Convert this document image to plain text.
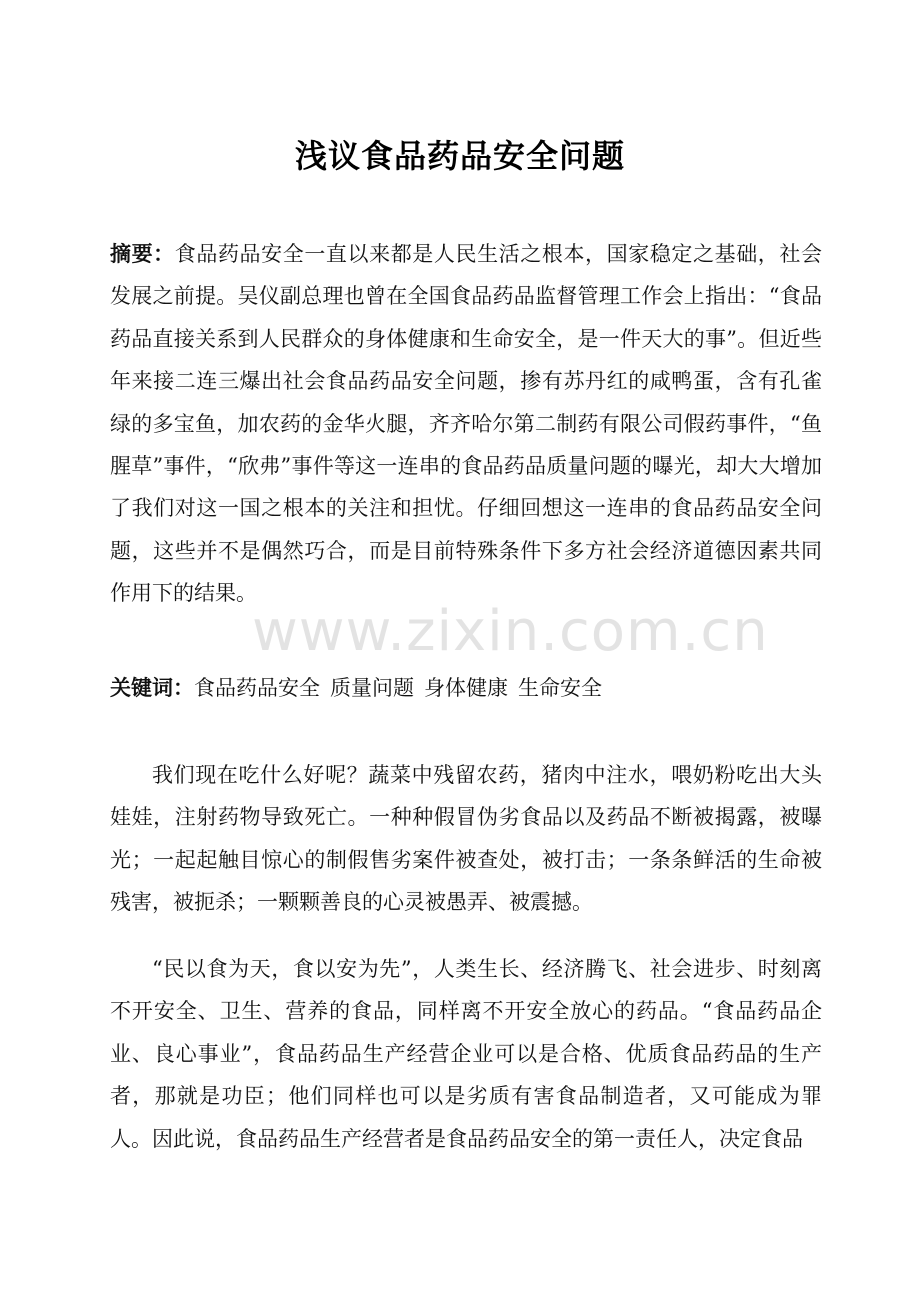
浅议食品药品安全问题
摘要：食品药品安全一直以来都是人民生活之根本，国家稳定之基础，社会发展之前提。吴仪副总理也曾在全国食品药品监督管理工作会上指出：“食品药品直接关系到人民群众的身体健康和生命安全，是一件天大的事”。但近些年来接二连三爆出社会食品药品安全问题，掺有苏丹红的咸鸭蛋，含有孔雀绿的多宝鱼，加农药的金华火腿，齐齐哈尔第二制药有限公司假药事件，“鱼腥草”事件，“欣弗”事件等这一连串的食品药品质量问题的曝光，却大大增加了我们对这一国之根本的关注和担忧。仔细回想这一连串的食品药品安全问题，这些并不是偶然巧合，而是目前特殊条件下多方社会经济道德因素共同作用下的结果。
关键词：食品药品安全 质量问题 身体健康 生命安全
我们现在吃什么好呢？蔬菜中残留农药，猪肉中注水，喂奶粉吃出大头娃娃，注射药物导致死亡。一种种假冒伪劣食品以及药品不断被揭露，被曝光；一起起触目惊心的制假售劣案件被查处，被打击；一条条鲜活的生命被残害，被扼杀；一颗颗善良的心灵被愚弄、被震撼。
“民以食为天，食以安为先”，人类生长、经济腾飞、社会进步、时刻离不开安全、卫生、营养的食品，同样离不开安全放心的药品。“食品药品企业、良心事业”，食品药品生产经营企业可以是合格、优质食品药品的生产者，那就是功臣；他们同样也可以是劣质有害食品制造者，又可能成为罪人。因此说，食品药品生产经营者是食品药品安全的第一责任人，决定食品
www.zixin.com.cn
